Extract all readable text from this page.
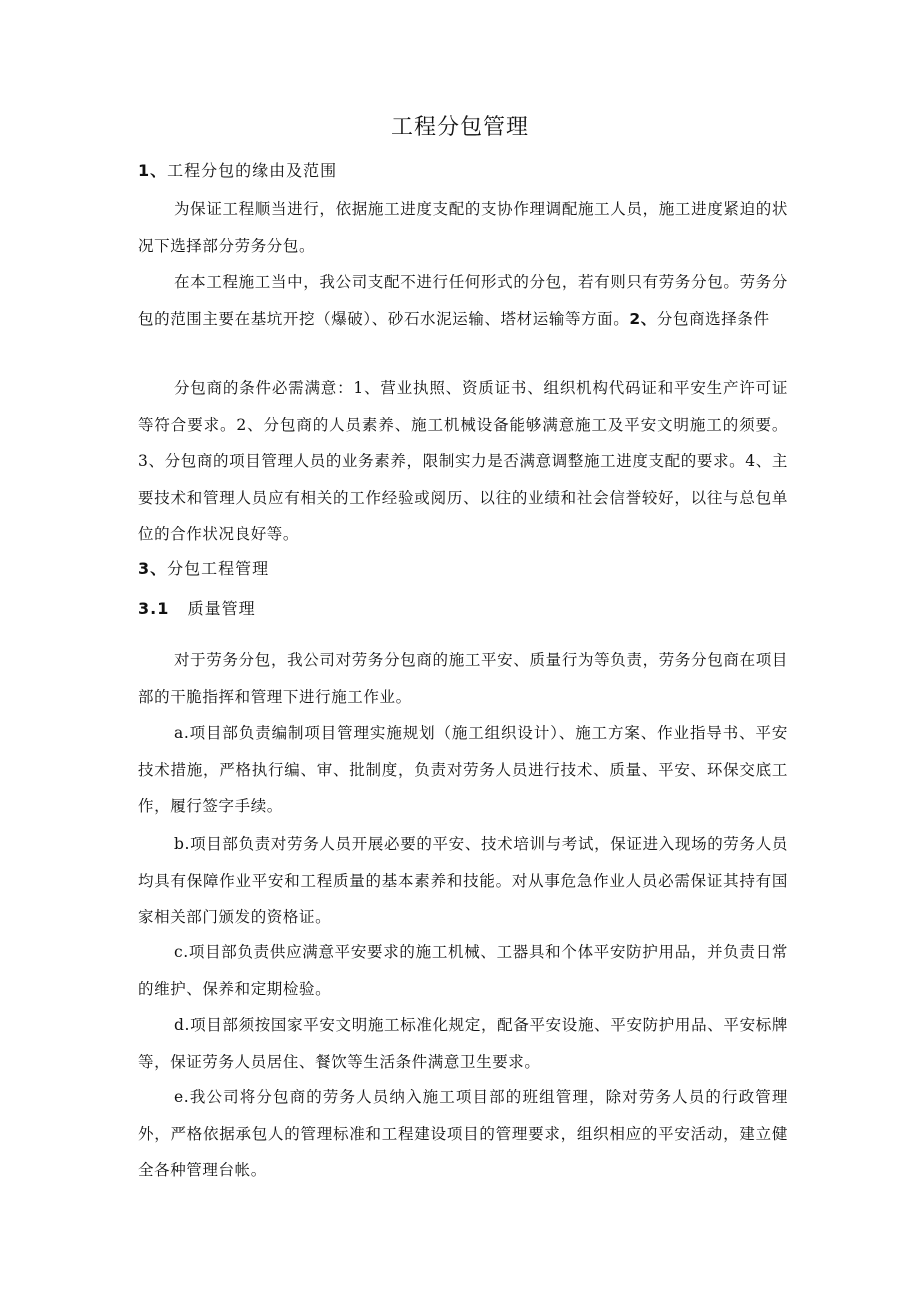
工程分包管理
1、工程分包的缘由及范围
为保证工程顺当进行，依据施工进度支配的支协作理调配施工人员，施工进度紧迫的状况下选择部分劳务分包。
在本工程施工当中，我公司支配不进行任何形式的分包，若有则只有劳务分包。劳务分包的范围主要在基坑开挖（爆破）、砂石水泥运输、塔材运输等方面。2、分包商选择条件
分包商的条件必需满意：1、营业执照、资质证书、组织机构代码证和平安生产许可证等符合要求。2、分包商的人员素养、施工机械设备能够满意施工及平安文明施工的须要。3、分包商的项目管理人员的业务素养，限制实力是否满意调整施工进度支配的要求。4、主要技术和管理人员应有相关的工作经验或阅历、以往的业绩和社会信誉较好，以往与总包单位的合作状况良好等。
3、分包工程管理
3.1 质量管理
对于劳务分包，我公司对劳务分包商的施工平安、质量行为等负责，劳务分包商在项目部的干脆指挥和管理下进行施工作业。
a.项目部负责编制项目管理实施规划（施工组织设计）、施工方案、作业指导书、平安技术措施，严格执行编、审、批制度，负责对劳务人员进行技术、质量、平安、环保交底工作，履行签字手续。
b.项目部负责对劳务人员开展必要的平安、技术培训与考试，保证进入现场的劳务人员均具有保障作业平安和工程质量的基本素养和技能。对从事危急作业人员必需保证其持有国家相关部门颁发的资格证。
c.项目部负责供应满意平安要求的施工机械、工器具和个体平安防护用品，并负责日常的维护、保养和定期检验。
d.项目部须按国家平安文明施工标准化规定，配备平安设施、平安防护用品、平安标牌等，保证劳务人员居住、餐饮等生活条件满意卫生要求。
e.我公司将分包商的劳务人员纳入施工项目部的班组管理，除对劳务人员的行政管理外，严格依据承包人的管理标准和工程建设项目的管理要求，组织相应的平安活动，建立健全各种管理台帐。
